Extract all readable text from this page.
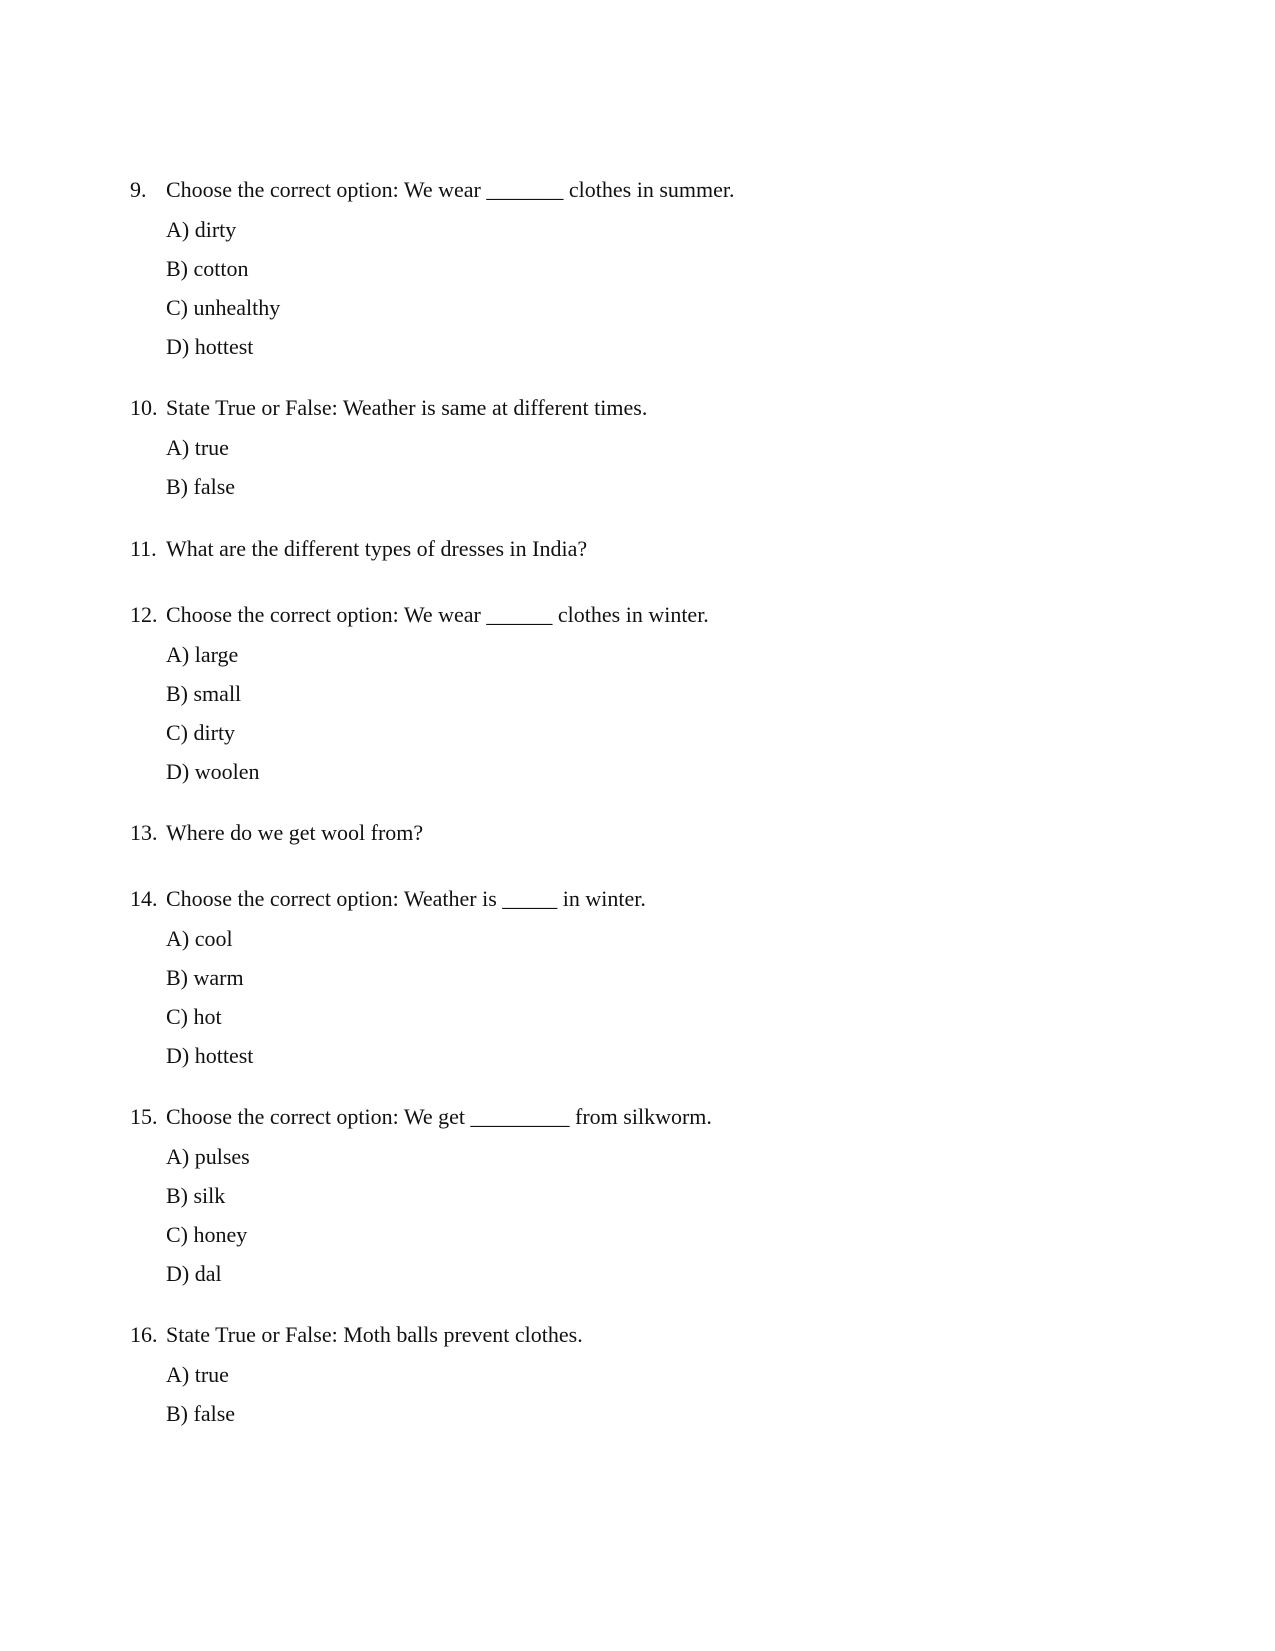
9. Choose the correct option: We wear _______ clothes in summer.
A) dirty
B) cotton
C) unhealthy
D) hottest
10. State True or False: Weather is same at different times.
A) true
B) false
11. What are the different types of dresses in India?
12. Choose the correct option: We wear ______ clothes in winter.
A) large
B) small
C) dirty
D) woolen
13. Where do we get wool from?
14. Choose the correct option: Weather is _____ in winter.
A) cool
B) warm
C) hot
D) hottest
15. Choose the correct option: We get _________ from silkworm.
A) pulses
B) silk
C) honey
D) dal
16. State True or False: Moth balls prevent clothes.
A) true
B) false
